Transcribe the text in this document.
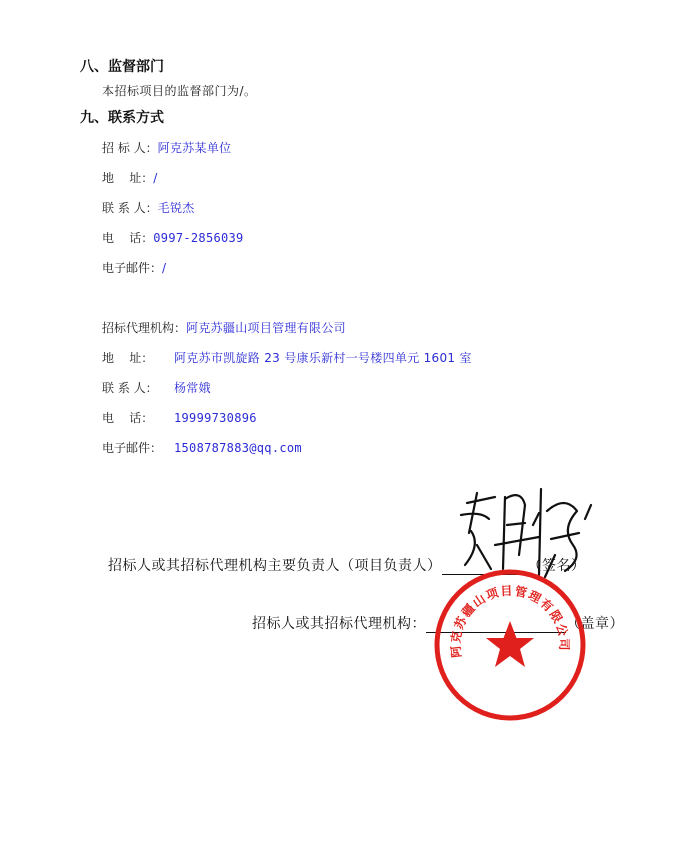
八、监督部门
本招标项目的监督部门为/。
九、联系方式
招 标 人：阿克苏某单位
地    址：/
联 系 人：毛锐杰
电    话：0997-2856039
电子邮件：/
招标代理机构：阿克苏疆山项目管理有限公司
地    址： 阿克苏市凯旋路 23 号康乐新村一号楼四单元 1601 室
联 系 人： 杨常娥
电    话： 19999730896
电子邮件： 1508787883@qq.com
招标人或其招标代理机构主要负责人（项目负责人）	（签名）
招标人或其招标代理机构：	（盖章）
阿克苏疆山项目管理有限公司
